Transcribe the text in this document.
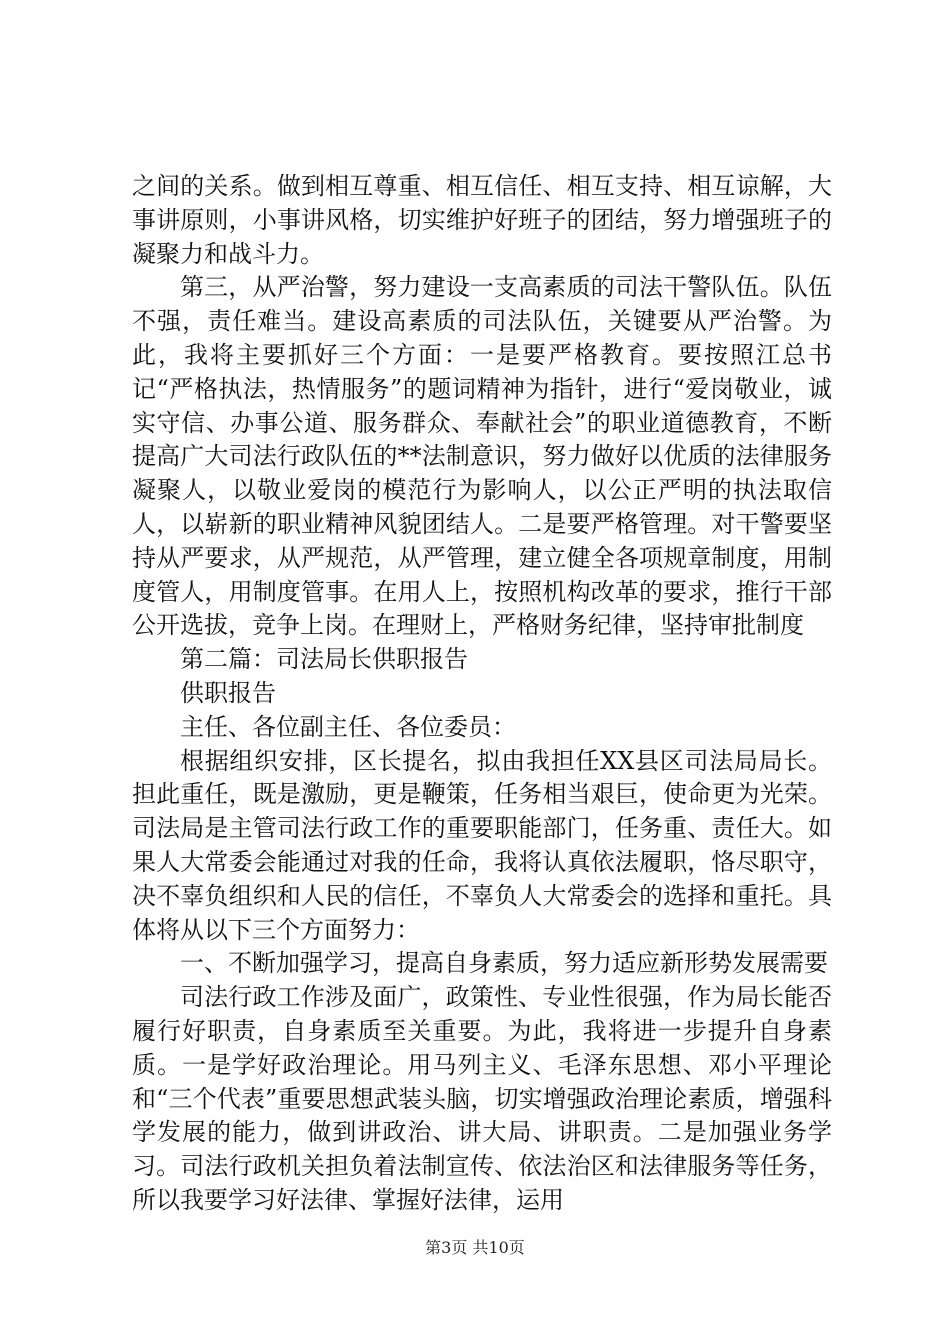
之间的关系。做到相互尊重、相互信任、相互支持、相互谅解，大事讲原则，小事讲风格，切实维护好班子的团结，努力增强班子的凝聚力和战斗力。

第三，从严治警，努力建设一支高素质的司法干警队伍。队伍不强，责任难当。建设高素质的司法队伍，关键要从严治警。为此，我将主要抓好三个方面：一是要严格教育。要按照江总书记“严格执法，热情服务”的题词精神为指针，进行“爱岗敬业，诚实守信、办事公道、服务群众、奉献社会”的职业道德教育，不断提高广大司法行政队伍的**法制意识，努力做好以优质的法律服务凝聚人，以敬业爱岗的模范行为影响人，以公正严明的执法取信人，以崭新的职业精神风貌团结人。二是要严格管理。对干警要坚持从严要求，从严规范，从严管理，建立健全各项规章制度，用制度管人，用制度管事。在用人上，按照机构改革的要求，推行干部公开选拔，竞争上岗。在理财上，严格财务纪律，坚持审批制度

第二篇：司法局长供职报告

供职报告

主任、各位副主任、各位委员：

根据组织安排，区长提名，拟由我担任XX县区司法局局长。担此重任，既是激励，更是鞭策，任务相当艰巨，使命更为光荣。司法局是主管司法行政工作的重要职能部门，任务重、责任大。如果人大常委会能通过对我的任命，我将认真依法履职，恪尽职守，决不辜负组织和人民的信任，不辜负人大常委会的选择和重托。具体将从以下三个方面努力：

一、不断加强学习，提高自身素质，努力适应新形势发展需要

司法行政工作涉及面广，政策性、专业性很强，作为局长能否履行好职责，自身素质至关重要。为此，我将进一步提升自身素质。一是学好政治理论。用马列主义、毛泽东思想、邓小平理论和“三个代表”重要思想武装头脑，切实增强政治理论素质，增强科学发展的能力，做到讲政治、讲大局、讲职责。二是加强业务学习。司法行政机关担负着法制宣传、依法治区和法律服务等任务，所以我要学习好法律、掌握好法律，运用

第3页 共10页
